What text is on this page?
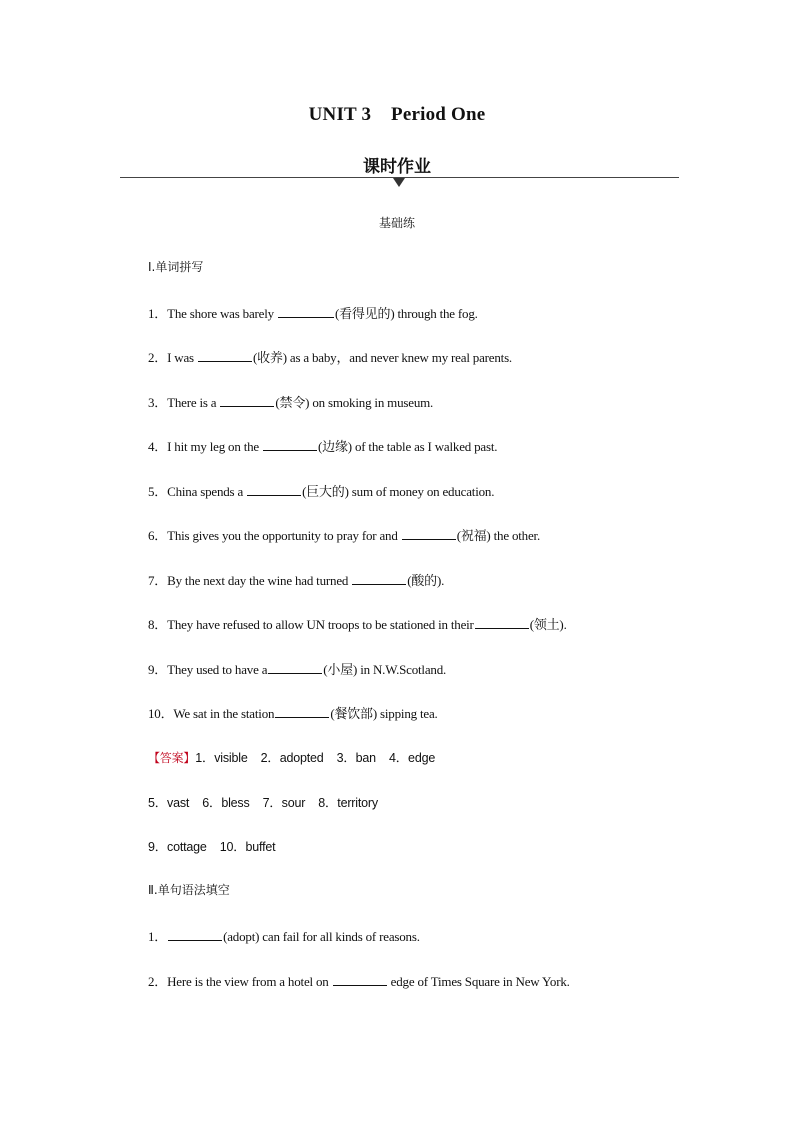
UNIT 3    Period One
课时作业
基础练
Ⅰ.单词拼写
1．The shore was barely	(看得见的) through the fog.
2．I was	(收养) as a baby，and never knew my real parents.
3．There is a	(禁令) on smoking in museum.
4．I hit my leg on the	(边缘) of the table as I walked past.
5．China spends a	(巨大的) sum of money on education.
6．This gives you the opportunity to pray for and	(祝福) the other.
7．By the next day the wine had turned	(酸的).
8．They have refused to allow UN troops to be stationed in their	(领土).
9．They used to have a	(小屋) in N.W.Scotland.
10．We sat in the station	(餐饮部) sipping tea.
【答案】1．visible    2．adopted    3．ban    4．edge
5．vast    6．bless    7．sour    8．territory
9．cottage    10．buffet
Ⅱ.单句语法填空
1．	(adopt) can fail for all kinds of reasons.
2．Here is the view from a hotel on	edge of Times Square in New York.
